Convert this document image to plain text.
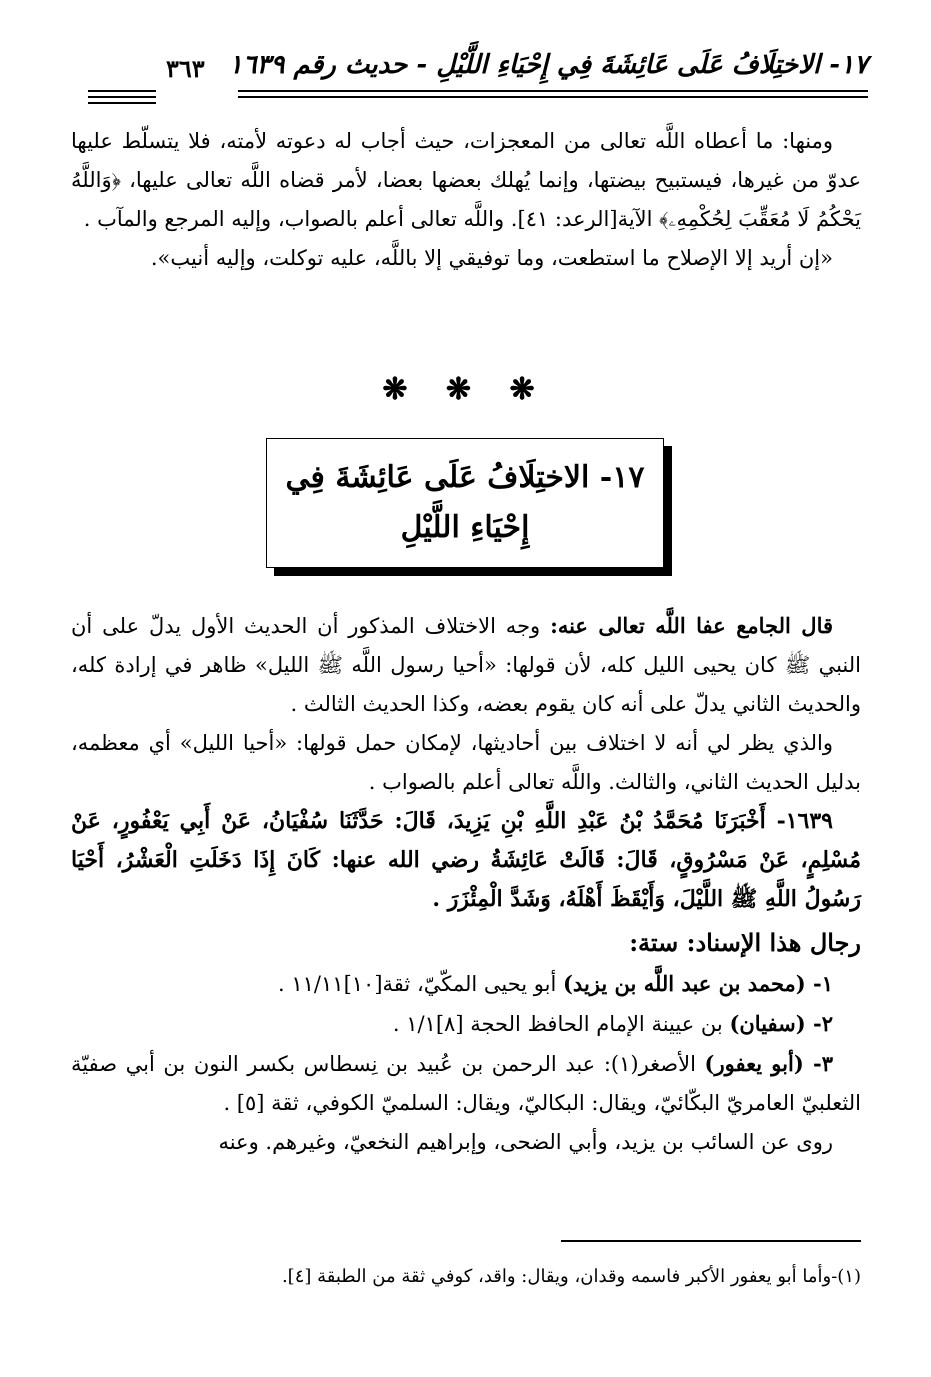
١٧- الاختِلَافُ عَلَى عَائِشَةَ فِي إِحْيَاءِ اللَّيْلِ - حديث رقم ١٦٣٩
٣٦٣

ومنها: ما أعطاه اللَّه تعالى من المعجزات، حيث أجاب له دعوته لأمته، فلا يتسلّط عليها عدوّ من غيرها، فيستبيح بيضتها، وإنما يُهلك بعضها بعضا، لأمر قضاه اللَّه تعالى عليها، ﴿وَاللَّهُ يَحْكُمُ لَا مُعَقِّبَ لِحُكْمِهِۦ﴾ الآية[الرعد: ٤١]. واللَّه تعالى أعلم بالصواب، وإليه المرجع والمآب .

«إن أريد إلا الإصلاح ما استطعت، وما توفيقي إلا باللَّه، عليه توكلت، وإليه أنيب».

❋ ❋ ❋
١٧- الاختِلَافُ عَلَى عَائِشَةَ فِي
إِحْيَاءِ اللَّيْلِ

قال الجامع عفا اللَّه تعالى عنه: وجه الاختلاف المذكور أن الحديث الأول يدلّ على أن النبي ﷺ كان يحيى الليل كله، لأن قولها: «أحيا رسول اللَّه ﷺ الليل» ظاهر في إرادة كله، والحديث الثاني يدلّ على أنه كان يقوم بعضه، وكذا الحديث الثالث .

والذي يظر لي أنه لا اختلاف بين أحاديثها، لإمكان حمل قولها: «أحيا الليل» أي معظمه، بدليل الحديث الثاني، والثالث. واللَّه تعالى أعلم بالصواب .

١٦٣٩- أَخْبَرَنَا مُحَمَّدُ بْنُ عَبْدِ اللَّهِ بْنِ يَزِيدَ، قَالَ: حَدَّثَنَا سُفْيَانُ، عَنْ أَبِي يَعْفُورٍ، عَنْ مُسْلِمٍ، عَنْ مَسْرُوقٍ، قَالَ: قَالَتْ عَائِشَةُ رضي الله عنها: كَانَ إِذَا دَخَلَتِ الْعَشْرُ، أَحْيَا رَسُولُ اللَّهِ ﷺ اللَّيْلَ، وَأَيْقَظَ أَهْلَهُ، وَشَدَّ الْمِئْزَرَ .

رجال هذا الإسناد: ستة:

١- (محمد بن عبد اللَّه بن يزيد) أبو يحيى المكّيّ، ثقة[١٠]١١/١١ .

٢- (سفيان) بن عيينة الإمام الحافظ الحجة [٨]١/١ .

٣- (أبو يعفور) الأصغر(١): عبد الرحمن بن عُبيد بن نِسطاس بكسر النون بن أبي صفيّة الثعلبيّ العامريّ البكّائيّ، ويقال: البكاليّ، ويقال: السلميّ الكوفي، ثقة [٥] .

روى عن السائب بن يزيد، وأبي الضحى، وإبراهيم النخعيّ، وغيرهم. وعنه

(١)-وأما أبو يعفور الأكبر فاسمه وقدان، ويقال: واقد، كوفي ثقة من الطبقة [٤].
